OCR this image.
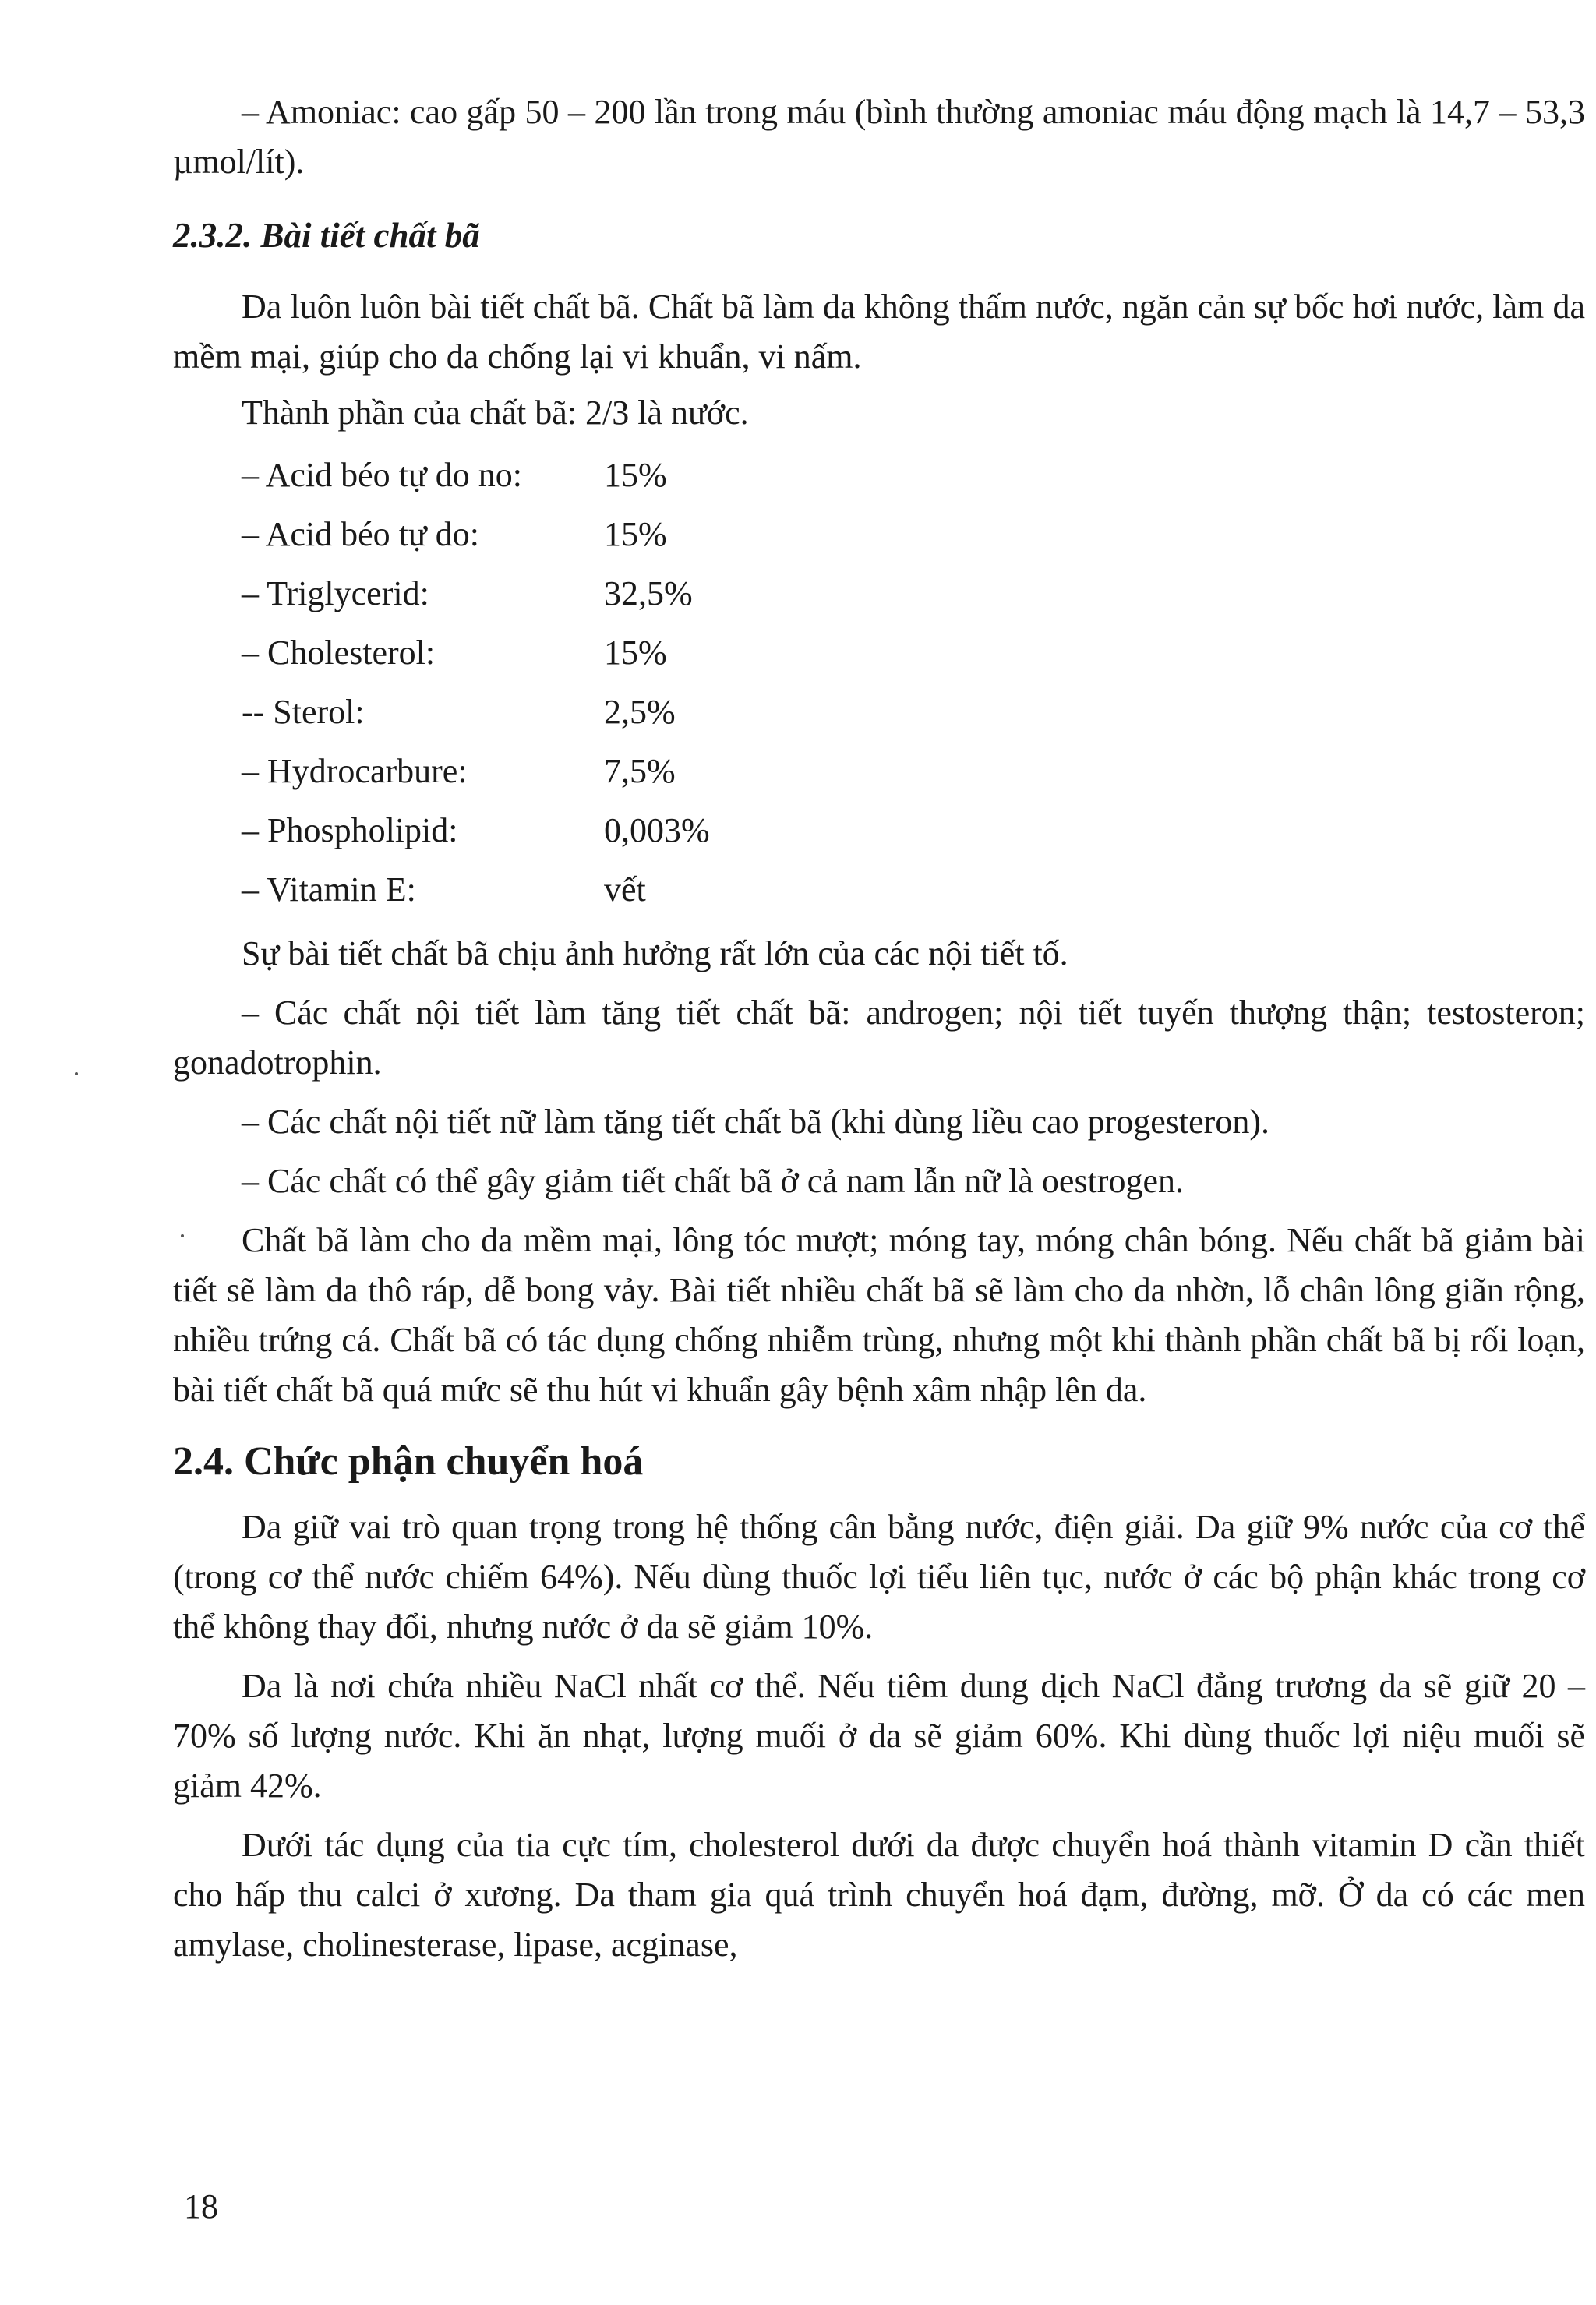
– Amoniac: cao gấp 50 – 200 lần trong máu (bình thường amoniac máu động mạch là 14,7 – 53,3 µmol/lít).

2.3.2. Bài tiết chất bã

Da luôn luôn bài tiết chất bã. Chất bã làm da không thấm nước, ngăn cản sự bốc hơi nước, làm da mềm mại, giúp cho da chống lại vi khuẩn, vi nấm.

Thành phần của chất bã: 2/3 là nước.

– Acid béo tự do no:	15%
– Acid béo tự do:	15%
– Triglycerid:	32,5%
– Cholesterol:	15%
-- Sterol:	2,5%
– Hydrocarbure:	7,5%
– Phospholipid:	0,003%
– Vitamin E:	vết

Sự bài tiết chất bã chịu ảnh hưởng rất lớn của các nội tiết tố.

– Các chất nội tiết làm tăng tiết chất bã: androgen; nội tiết tuyến thượng thận; testosteron; gonadotrophin.

– Các chất nội tiết nữ làm tăng tiết chất bã (khi dùng liều cao progesteron).

– Các chất có thể gây giảm tiết chất bã ở cả nam lẫn nữ là oestrogen.

Chất bã làm cho da mềm mại, lông tóc mượt; móng tay, móng chân bóng. Nếu chất bã giảm bài tiết sẽ làm da thô ráp, dễ bong vảy. Bài tiết nhiều chất bã sẽ làm cho da nhờn, lỗ chân lông giãn rộng, nhiều trứng cá. Chất bã có tác dụng chống nhiễm trùng, nhưng một khi thành phần chất bã bị rối loạn, bài tiết chất bã quá mức sẽ thu hút vi khuẩn gây bệnh xâm nhập lên da.

2.4. Chức phận chuyển hoá

Da giữ vai trò quan trọng trong hệ thống cân bằng nước, điện giải. Da giữ 9% nước của cơ thể (trong cơ thể nước chiếm 64%). Nếu dùng thuốc lợi tiểu liên tục, nước ở các bộ phận khác trong cơ thể không thay đổi, nhưng nước ở da sẽ giảm 10%.

Da là nơi chứa nhiều NaCl nhất cơ thể. Nếu tiêm dung dịch NaCl đẳng trương da sẽ giữ 20 – 70% số lượng nước. Khi ăn nhạt, lượng muối ở da sẽ giảm 60%. Khi dùng thuốc lợi niệu muối sẽ giảm 42%.

Dưới tác dụng của tia cực tím, cholesterol dưới da được chuyển hoá thành vitamin D cần thiết cho hấp thu calci ở xương. Da tham gia quá trình chuyển hoá đạm, đường, mỡ. Ở da có các men amylase, cholinesterase, lipase, acginase,

18
